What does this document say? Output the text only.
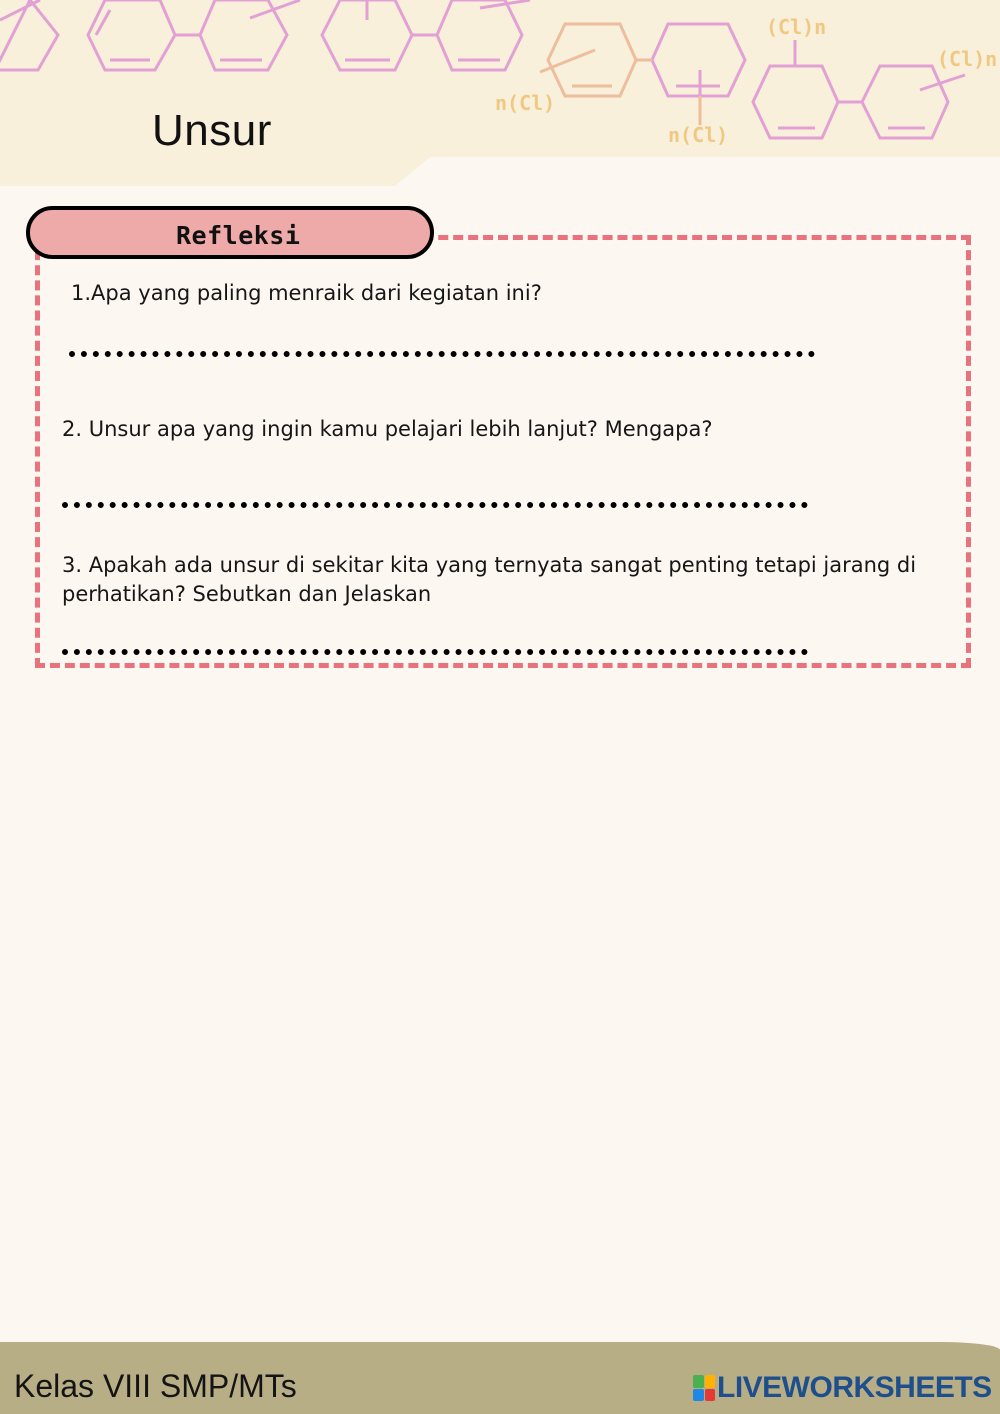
(Cl)n
(Cl)n
n(Cl)
n(Cl)
Unsur
Refleksi
1.Apa yang paling menraik dari kegiatan ini?
2. Unsur apa yang ingin kamu pelajari lebih lanjut? Mengapa?
3. Apakah ada unsur di sekitar kita yang ternyata sangat penting tetapi jarang di perhatikan? Sebutkan dan Jelaskan
Kelas VIII SMP/MTs	LIVEWORKSHEETS
